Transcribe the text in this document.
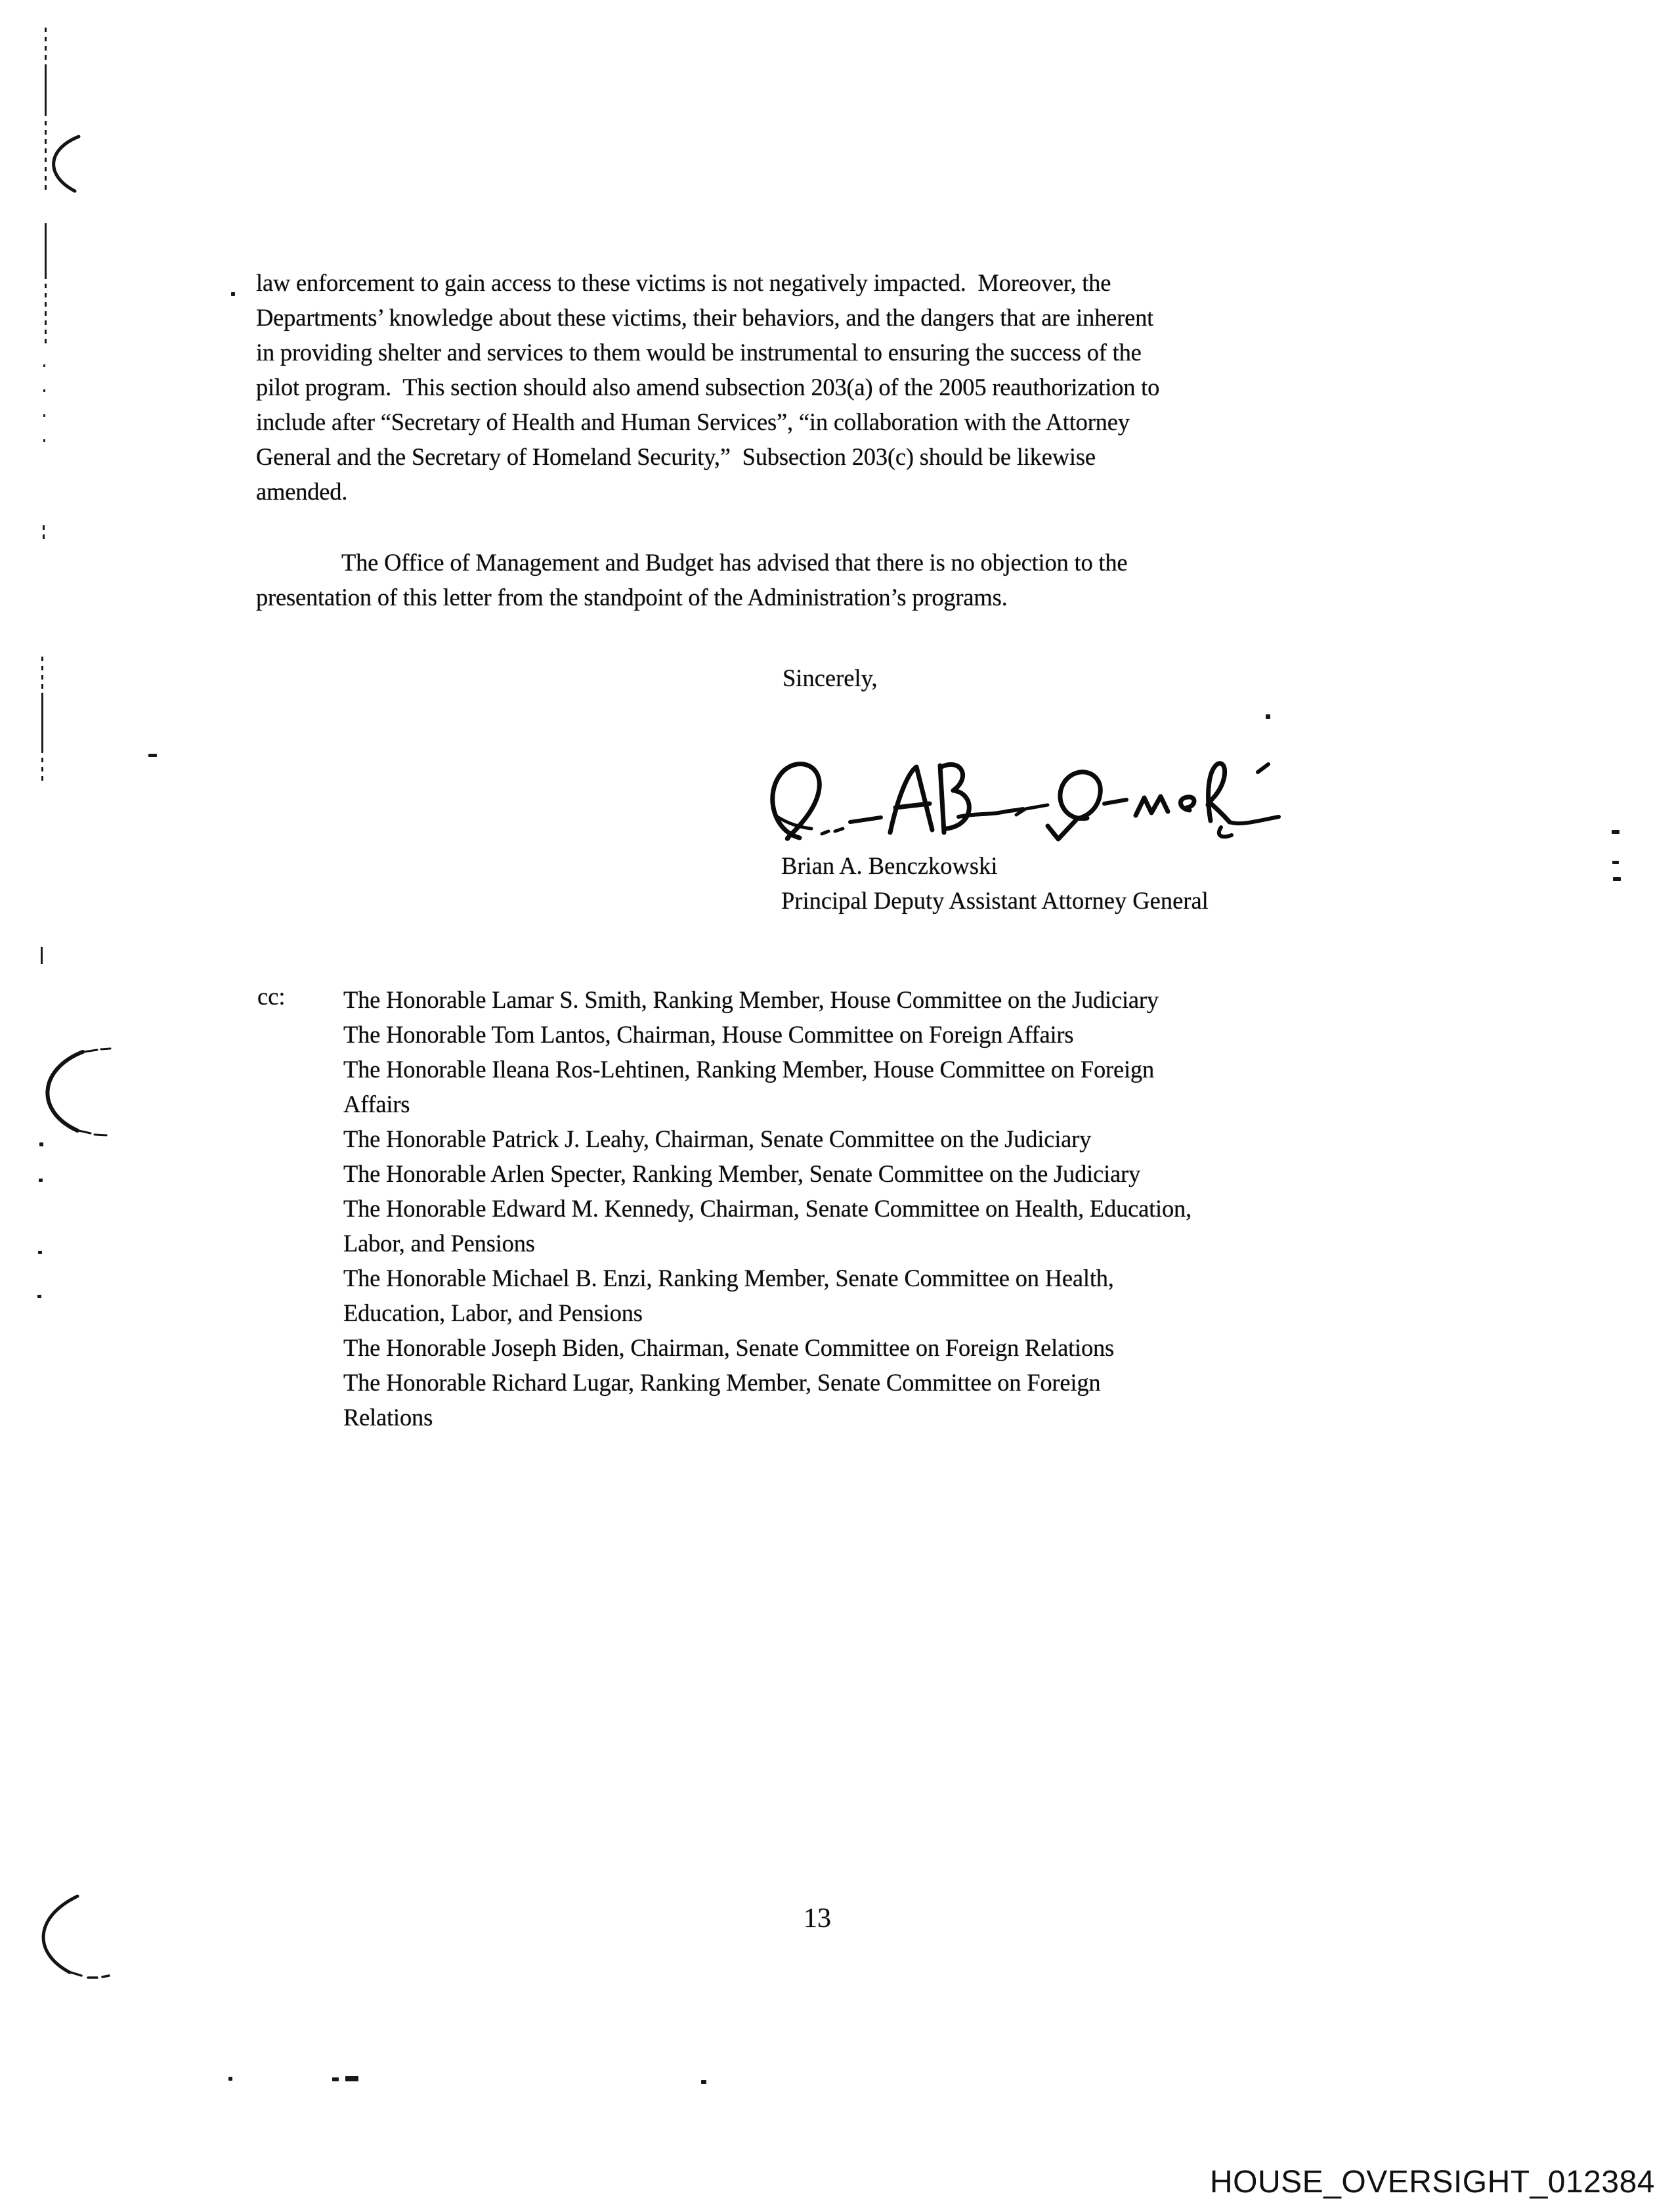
law enforcement to gain access to these victims is not negatively impacted.  Moreover, the
Departments’ knowledge about these victims, their behaviors, and the dangers that are inherent
in providing shelter and services to them would be instrumental to ensuring the success of the
pilot program.  This section should also amend subsection 203(a) of the 2005 reauthorization to
include after “Secretary of Health and Human Services”, “in collaboration with the Attorney
General and the Secretary of Homeland Security,”  Subsection 203(c) should be likewise
amended.
The Office of Management and Budget has advised that there is no objection to the
presentation of this letter from the standpoint of the Administration’s programs.
Sincerely,
Brian A. Benczkowski
Principal Deputy Assistant Attorney General
cc: The Honorable Lamar S. Smith, Ranking Member, House Committee on the Judiciary
The Honorable Tom Lantos, Chairman, House Committee on Foreign Affairs
The Honorable Ileana Ros-Lehtinen, Ranking Member, House Committee on Foreign
Affairs
The Honorable Patrick J. Leahy, Chairman, Senate Committee on the Judiciary
The Honorable Arlen Specter, Ranking Member, Senate Committee on the Judiciary
The Honorable Edward M. Kennedy, Chairman, Senate Committee on Health, Education,
Labor, and Pensions
The Honorable Michael B. Enzi, Ranking Member, Senate Committee on Health,
Education, Labor, and Pensions
The Honorable Joseph Biden, Chairman, Senate Committee on Foreign Relations
The Honorable Richard Lugar, Ranking Member, Senate Committee on Foreign
Relations
13
HOUSE_OVERSIGHT_012384
